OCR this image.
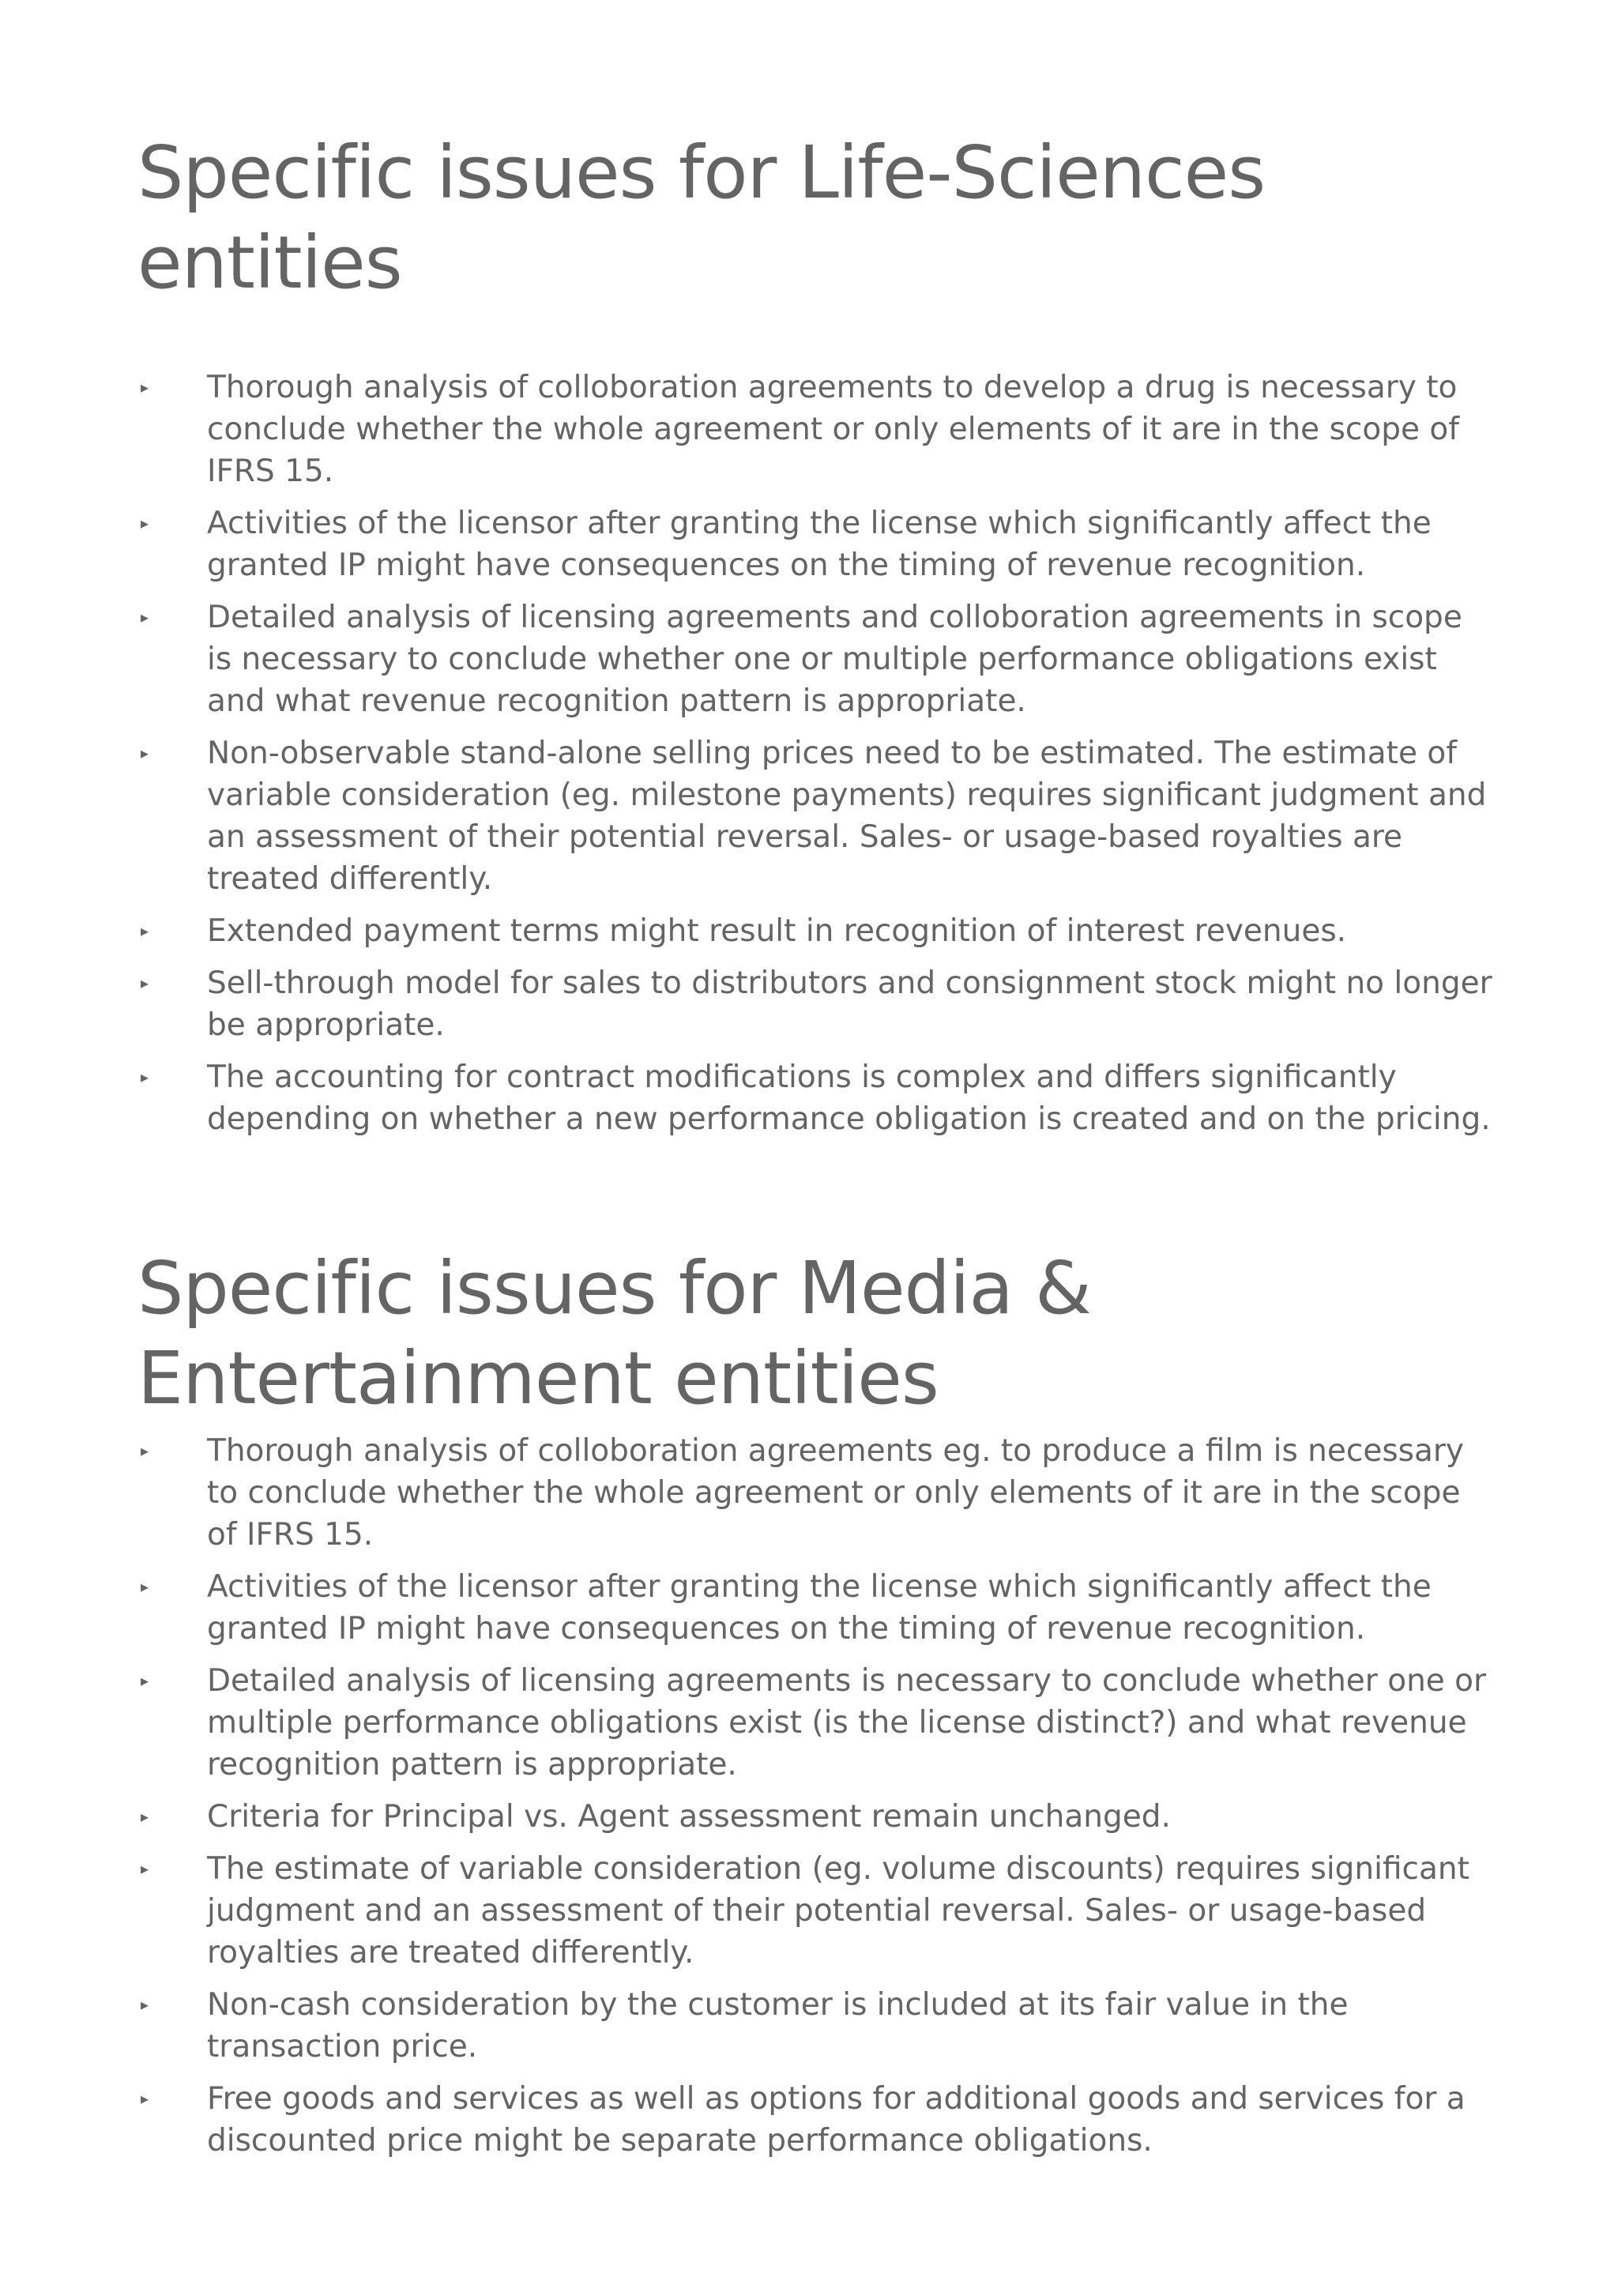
Specific issues for Life-Sciences
entities
▸ Thorough analysis of colloboration agreements to develop a drug is necessary to conclude whether the whole agreement or only elements of it are in the scope of IFRS 15.
▸ Activities of the licensor after granting the license which significantly affect the granted IP might have consequences on the timing of revenue recognition.
▸ Detailed analysis of licensing agreements and colloboration agreements in scope is necessary to conclude whether one or multiple performance obligations exist and what revenue recognition pattern is appropriate.
▸ Non-observable stand-alone selling prices need to be estimated. The estimate of variable consideration (eg. milestone payments) requires significant judgment and an assessment of their potential reversal. Sales- or usage-based royalties are treated differently.
▸ Extended payment terms might result in recognition of interest revenues.
▸ Sell-through model for sales to distributors and consignment stock might no longer be appropriate.
▸ The accounting for contract modifications is complex and differs significantly depending on whether a new performance obligation is created and on the pricing.
Specific issues for Media &
Entertainment entities
▸ Thorough analysis of colloboration agreements eg. to produce a film is necessary to conclude whether the whole agreement or only elements of it are in the scope of IFRS 15.
▸ Activities of the licensor after granting the license which significantly affect the granted IP might have consequences on the timing of revenue recognition.
▸ Detailed analysis of licensing agreements is necessary to conclude whether one or multiple performance obligations exist (is the license distinct?) and what revenue recognition pattern is appropriate.
▸ Criteria for Principal vs. Agent assessment remain unchanged.
▸ The estimate of variable consideration (eg. volume discounts) requires significant judgment and an assessment of their potential reversal. Sales- or usage-based royalties are treated differently.
▸ Non-cash consideration by the customer is included at its fair value in the transaction price.
▸ Free goods and services as well as options for additional goods and services for a discounted price might be separate performance obligations.
